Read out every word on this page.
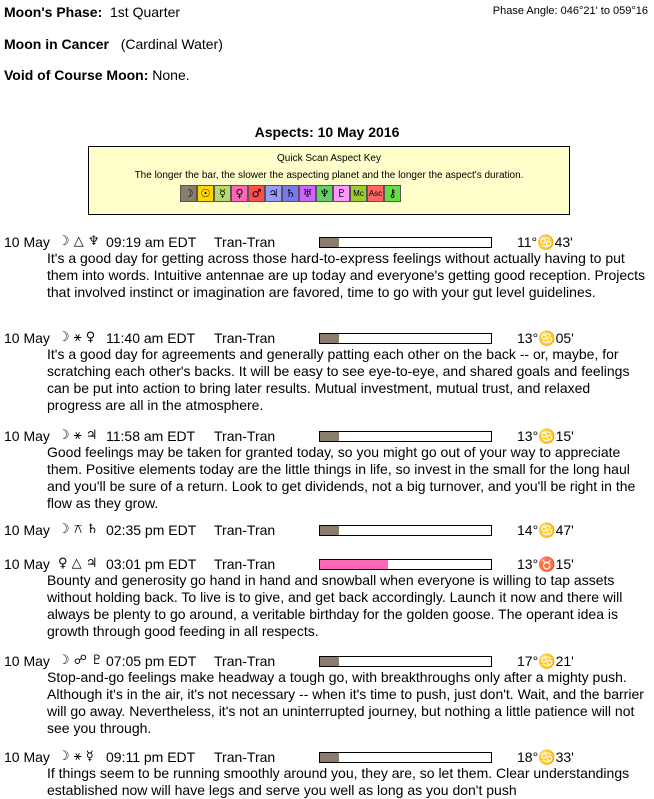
Moon's Phase: 1st Quarter	Phase Angle: 046°21' to 059°16
Moon in Cancer (Cardinal Water)
Void of Course Moon: None.
Aspects: 10 May 2016
Quick Scan Aspect Key
The longer the bar, the slower the aspecting planet and the longer the aspect's duration.
☽ ☉ ☿ ♀ ♂ ♃ ♄ ♅ ♆ ♇ Mc Asc ⚷
10 May ☽ △ ♆ 09:19 am EDT Tran-Tran	11°♋43'
It's a good day for getting across those hard-to-express feelings without actually having to put them into words. Intuitive antennae are up today and everyone's getting good reception. Projects that involved instinct or imagination are favored, time to go with your gut level guidelines.
10 May ☽ ⚹ ♀ 11:40 am EDT Tran-Tran	13°♋05'
It's a good day for agreements and generally patting each other on the back -- or, maybe, for scratching each other's backs. It will be easy to see eye-to-eye, and shared goals and feelings can be put into action to bring later results. Mutual investment, mutual trust, and relaxed progress are all in the atmosphere.
10 May ☽ ⚹ ♃ 11:58 am EDT Tran-Tran	13°♋15'
Good feelings may be taken for granted today, so you might go out of your way to appreciate them. Positive elements today are the little things in life, so invest in the small for the long haul and you'll be sure of a return. Look to get dividends, not a big turnover, and you'll be right in the flow as they grow.
10 May ☽ ⚻ ♄ 02:35 pm EDT Tran-Tran	14°♋47'
10 May ♀ △ ♃ 03:01 pm EDT Tran-Tran	13°♉15'
Bounty and generosity go hand in hand and snowball when everyone is willing to tap assets without holding back. To live is to give, and get back accordingly. Launch it now and there will always be plenty to go around, a veritable birthday for the golden goose. The operant idea is growth through good feeding in all respects.
10 May ☽ ☍ ♇ 07:05 pm EDT Tran-Tran	17°♋21'
Stop-and-go feelings make headway a tough go, with breakthroughs only after a mighty push. Although it's in the air, it's not necessary -- when it's time to push, just don't. Wait, and the barrier will go away. Nevertheless, it's not an uninterrupted journey, but nothing a little patience will not see you through.
10 May ☽ ⚹ ☿ 09:11 pm EDT Tran-Tran	18°♋33'
If things seem to be running smoothly around you, they are, so let them. Clear understandings established now will have legs and serve you well as long as you don't push
